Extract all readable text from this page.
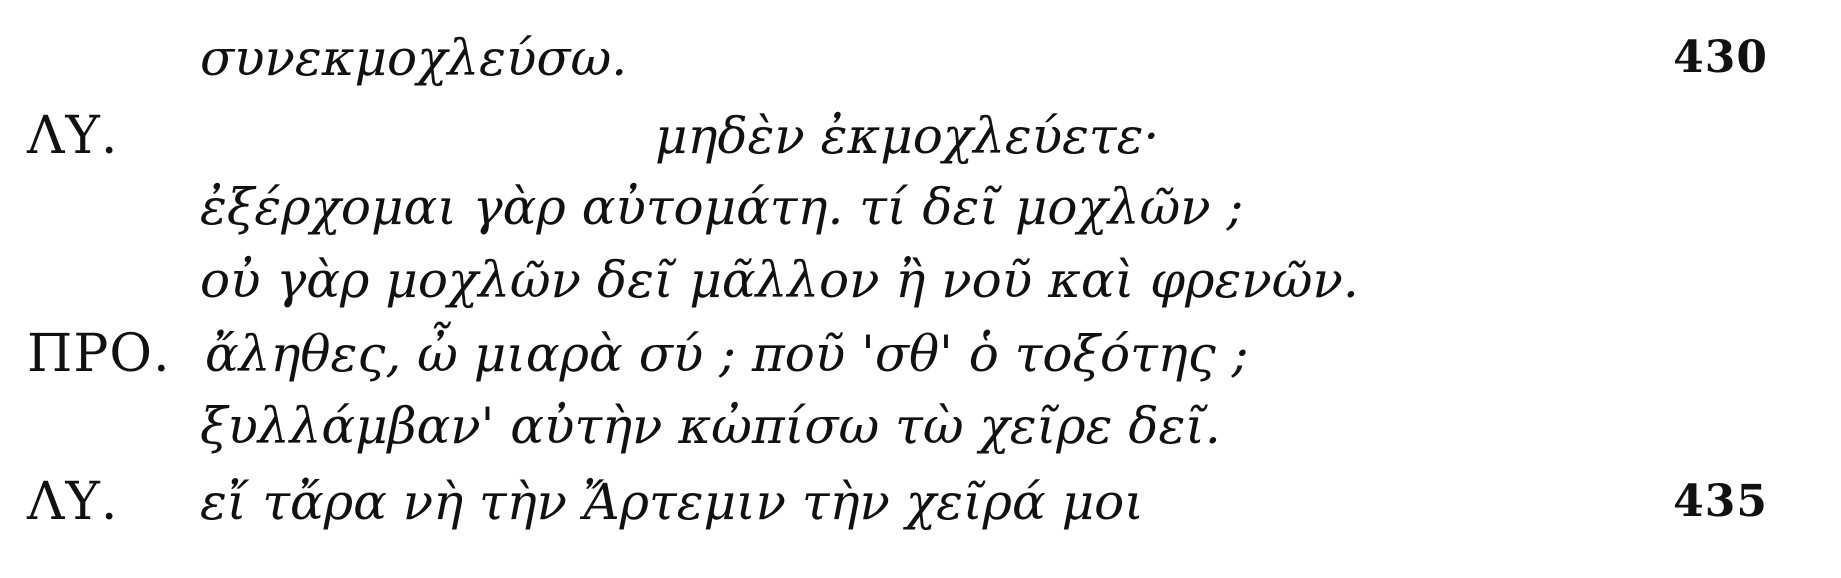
συνεκμοχλεύσω.	430
ΛΥ.	μηδὲν ἐκμοχλεύετε·
ἐξέρχομαι γὰρ αὐτομάτη. τί δεῖ μοχλῶν ;
οὐ γὰρ μοχλῶν δεῖ μᾶλλον ἢ νοῦ καὶ φρενῶν.
ΠΡΟ. ἄληθες, ὦ μιαρὰ σύ ; ποῦ 'σθ' ὁ τοξότης ;
ξυλλάμβαν' αὐτὴν κὠπίσω τὼ χεῖρε δεῖ.
ΛΥ. εἴ τἄρα νὴ τὴν Ἄρτεμιν τὴν χεῖρά μοι	435
